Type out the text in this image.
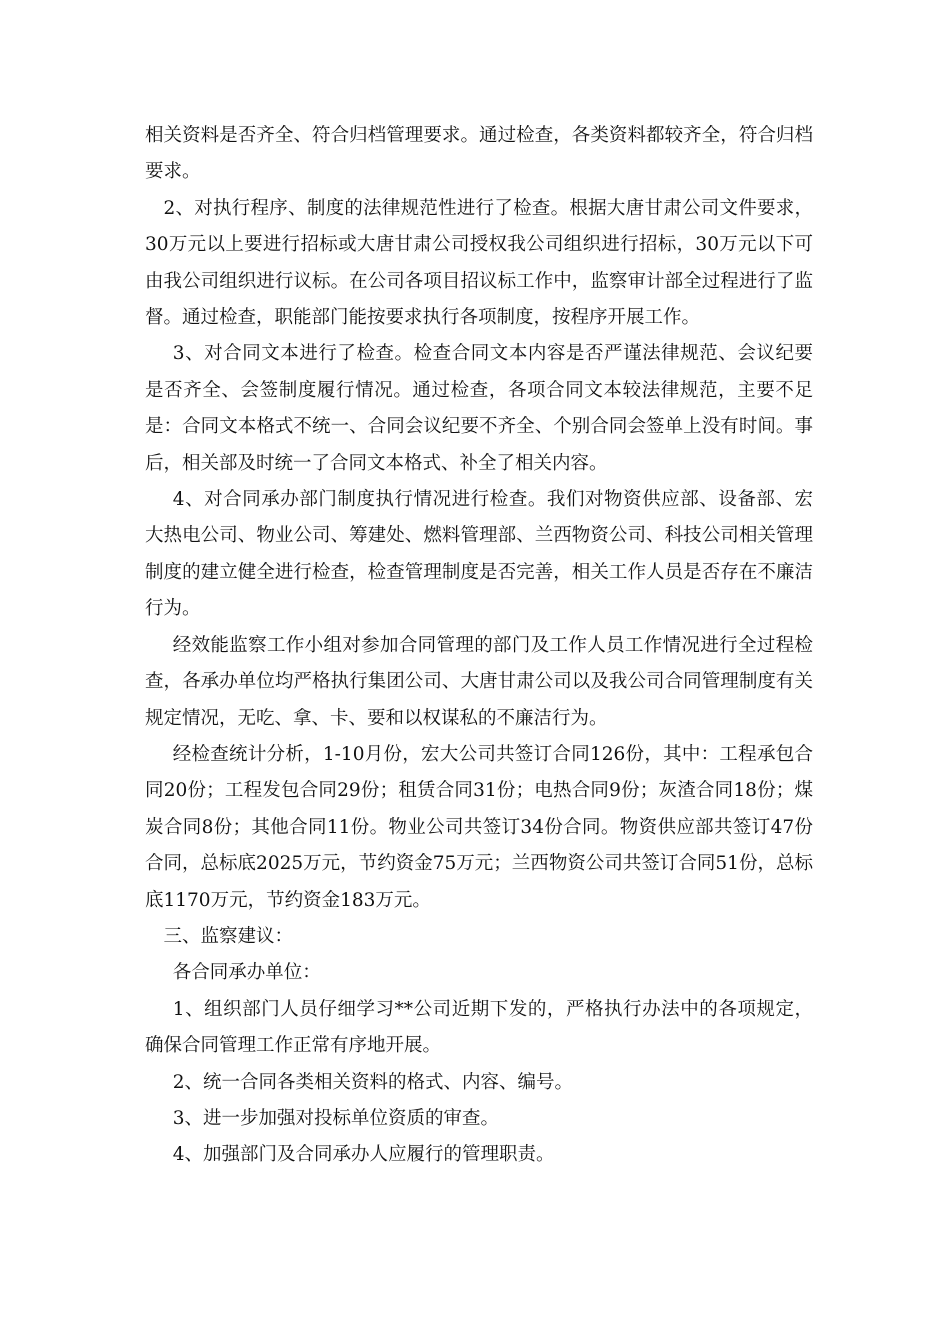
相关资料是否齐全、符合归档管理要求。通过检查，各类资料都较齐全，符合归档要求。

2、对执行程序、制度的法律规范性进行了检查。根据大唐甘肃公司文件要求，30万元以上要进行招标或大唐甘肃公司授权我公司组织进行招标，30万元以下可由我公司组织进行议标。在公司各项目招议标工作中，监察审计部全过程进行了监督。通过检查，职能部门能按要求执行各项制度，按程序开展工作。

3、对合同文本进行了检查。检查合同文本内容是否严谨法律规范、会议纪要是否齐全、会签制度履行情况。通过检查，各项合同文本较法律规范，主要不足是：合同文本格式不统一、合同会议纪要不齐全、个别合同会签单上没有时间。事后，相关部及时统一了合同文本格式、补全了相关内容。

4、对合同承办部门制度执行情况进行检查。我们对物资供应部、设备部、宏大热电公司、物业公司、筹建处、燃料管理部、兰西物资公司、科技公司相关管理制度的建立健全进行检查，检查管理制度是否完善，相关工作人员是否存在不廉洁行为。

经效能监察工作小组对参加合同管理的部门及工作人员工作情况进行全过程检查，各承办单位均严格执行集团公司、大唐甘肃公司以及我公司合同管理制度有关规定情况，无吃、拿、卡、要和以权谋私的不廉洁行为。

经检查统计分析，1-10月份，宏大公司共签订合同126份，其中：工程承包合同20份；工程发包合同29份；租赁合同31份；电热合同9份；灰渣合同18份；煤炭合同8份；其他合同11份。物业公司共签订34份合同。物资供应部共签订47份合同，总标底2025万元，节约资金75万元；兰西物资公司共签订合同51份，总标底1170万元，节约资金183万元。

三、监察建议：

各合同承办单位：

1、组织部门人员仔细学习**公司近期下发的，严格执行办法中的各项规定，确保合同管理工作正常有序地开展。

2、统一合同各类相关资料的格式、内容、编号。

3、进一步加强对投标单位资质的审查。

4、加强部门及合同承办人应履行的管理职责。
